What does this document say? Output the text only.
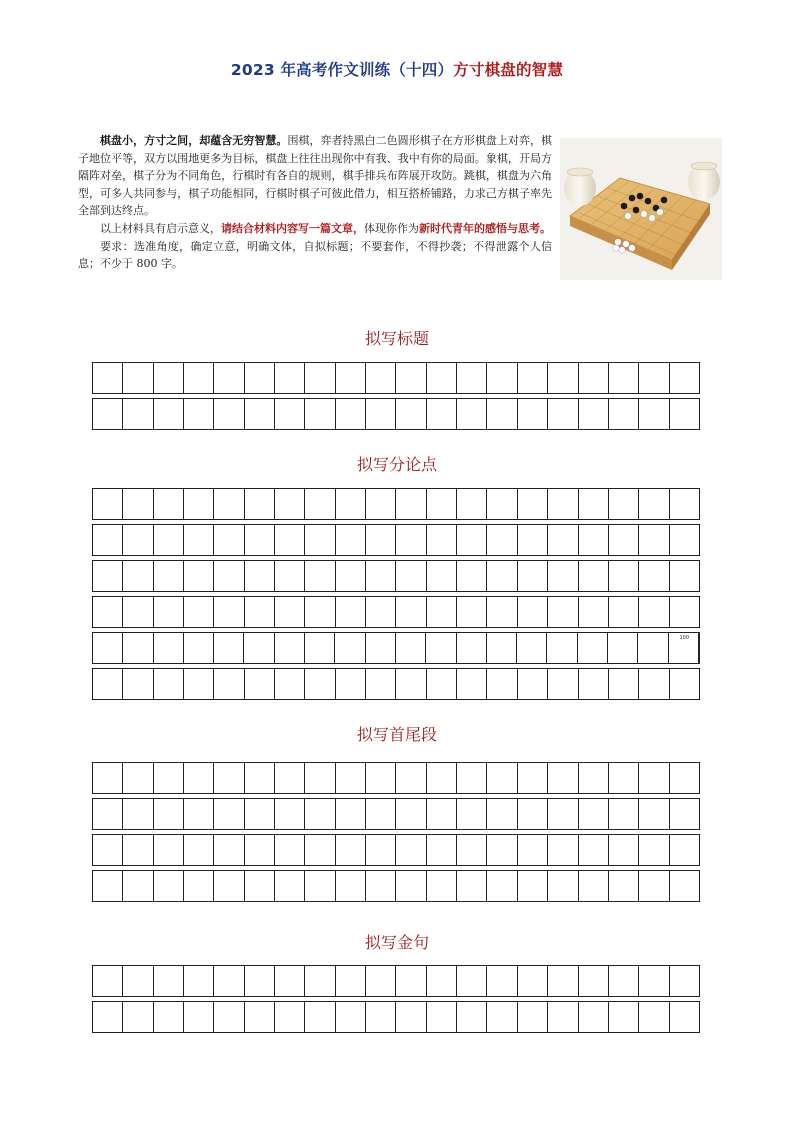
2023 年高考作文训练（十四）方寸棋盘的智慧

棋盘小，方寸之间，却蕴含无穷智慧。围棋，弈者持黑白二色圆形棋子在方形棋盘上对弈，棋子地位平等，双方以围地更多为目标，棋盘上往往出现你中有我、我中有你的局面。象棋，开局方隔阵对垒，棋子分为不同角色，行棋时有各自的规则，棋手排兵布阵展开攻防。跳棋，棋盘为六角型，可多人共同参与，棋子功能相同，行棋时棋子可彼此借力，相互搭桥铺路，力求己方棋子率先全部到达终点。

以上材料具有启示意义，请结合材料内容写一篇文章，体现你作为新时代青年的感悟与思考。

要求：选准角度，确定立意，明确文体，自拟标题；不要套作，不得抄袭；不得泄露个人信息；不少于 800 字。

拟写标题
拟写分论点
100
拟写首尾段
拟写金句
